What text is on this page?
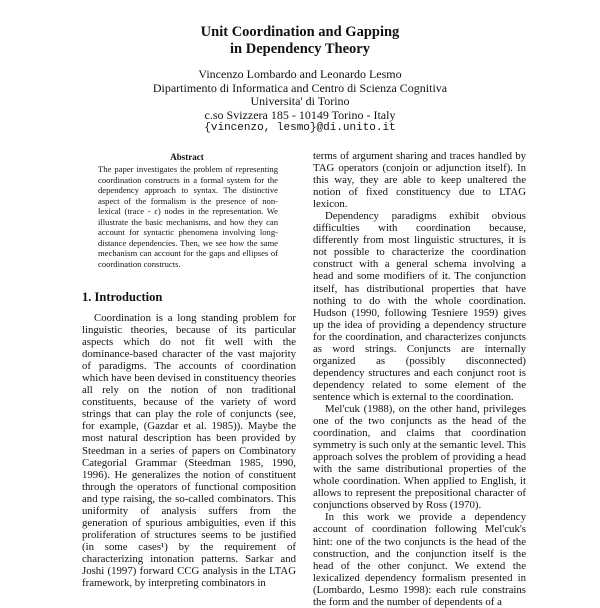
Unit Coordination and Gapping
in Dependency Theory
Vincenzo Lombardo and Leonardo Lesmo
Dipartimento di Informatica and Centro di Scienza Cognitiva
Universita' di Torino
c.so Svizzera 185 - 10149 Torino - Italy
{vincenzo, lesmo}@di.unito.it
Abstract
The paper investigates the problem of representing coordination constructs in a formal system for the dependency approach to syntax. The distinctive aspect of the formalism is the presence of non-lexical (trace - ε) nodes in the representation. We illustrate the basic mechanisms, and how they can account for syntactic phenomena involving long-distance dependencies. Then, we see how the same mechanism can account for the gaps and ellipses of coordination constructs.
1. Introduction

Coordination is a long standing problem for linguistic theories, because of its particular aspects which do not fit well with the dominance-based character of the vast majority of paradigms. The accounts of coordination which have been devised in constituency theories all rely on the notion of non traditional constituents, because of the variety of word strings that can play the role of conjuncts (see, for example, (Gazdar et al. 1985)). Maybe the most natural description has been provided by Steedman in a series of papers on Combinatory Categorial Grammar (Steedman 1985, 1990, 1996). He generalizes the notion of constituent through the operators of functional composition and type raising, the so-called combinators. This uniformity of analysis suffers from the generation of spurious ambiguities, even if this proliferation of structures seems to be justified (in some cases¹) by the requirement of characterizing intonation patterns. Sarkar and Joshi (1997) forward CCG analysis in the LTAG framework, by interpreting combinators in

terms of argument sharing and traces handled by TAG operators (conjoin or adjunction itself). In this way, they are able to keep unaltered the notion of fixed constituency due to LTAG lexicon.

Dependency paradigms exhibit obvious difficulties with coordination because, differently from most linguistic structures, it is not possible to characterize the coordination construct with a general schema involving a head and some modifiers of it. The conjunction itself, has distributional properties that have nothing to do with the whole coordination. Hudson (1990, following Tesniere 1959) gives up the idea of providing a dependency structure for the coordination, and characterizes conjuncts as word strings. Conjuncts are internally organized as (possibly disconnected) dependency structures and each conjunct root is dependency related to some element of the sentence which is external to the coordination.

Mel'cuk (1988), on the other hand, privileges one of the two conjuncts as the head of the coordination, and claims that coordination symmetry is such only at the semantic level. This approach solves the problem of providing a head with the same distributional properties of the whole coordination. When applied to English, it allows to represent the prepositional character of conjunctions observed by Ross (1970).

In this work we provide a dependency account of coordination following Mel'cuk's hint: one of the two conjuncts is the head of the construction, and the conjunction itself is the head of the other conjunct. We extend the lexicalized dependency formalism presented in (Lombardo, Lesmo 1998): each rule constrains the form and the number of dependents of a
